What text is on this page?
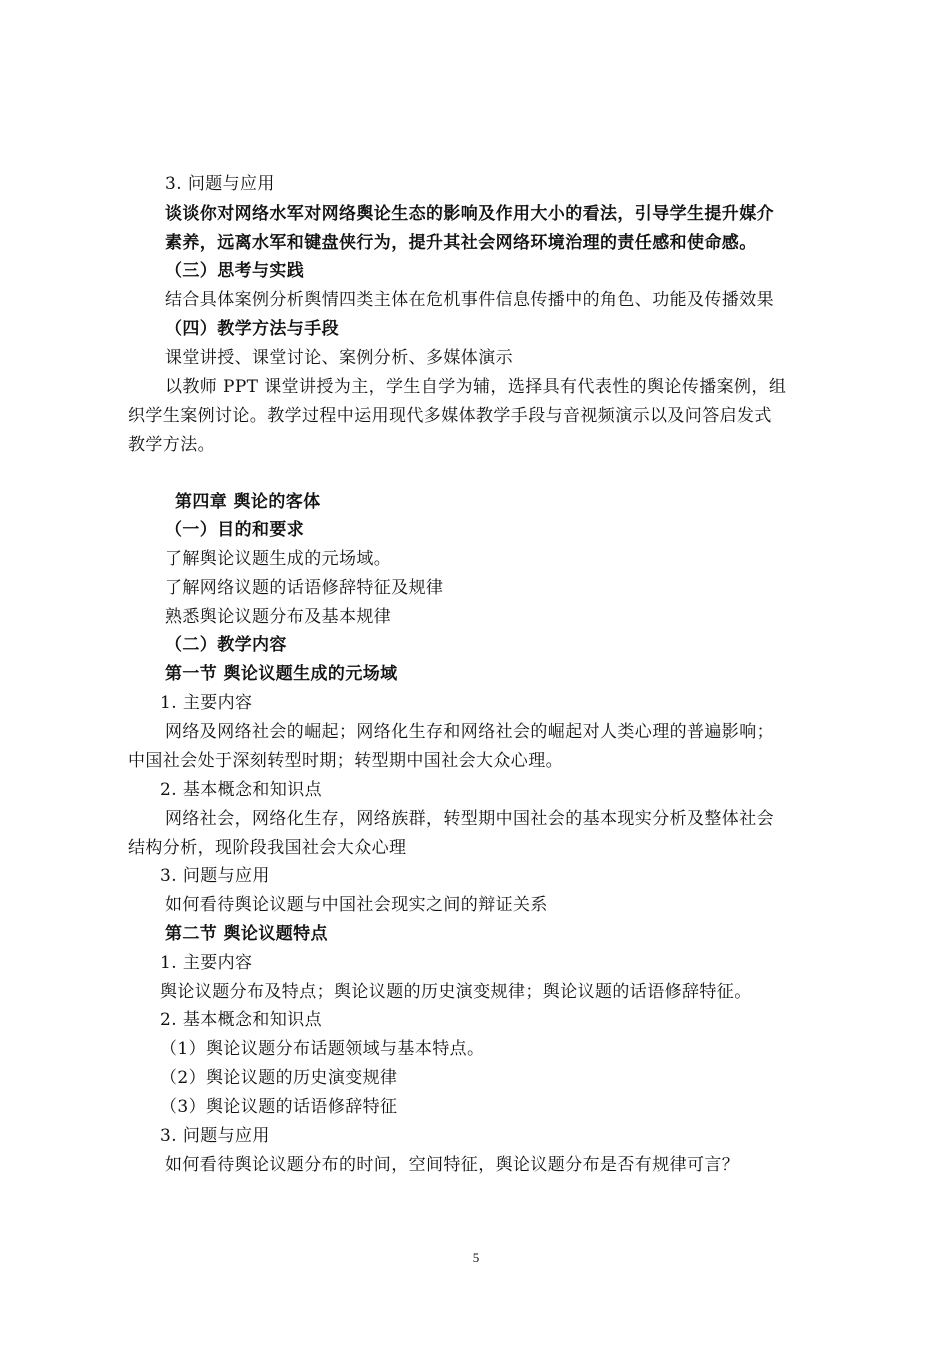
3. 问题与应用
谈谈你对网络水军对网络舆论生态的影响及作用大小的看法，引导学生提升媒介
素养，远离水军和键盘侠行为，提升其社会网络环境治理的责任感和使命感。
（三）思考与实践
结合具体案例分析舆情四类主体在危机事件信息传播中的角色、功能及传播效果
（四）教学方法与手段
课堂讲授、课堂讨论、案例分析、多媒体演示
以教师 PPT 课堂讲授为主，学生自学为辅，选择具有代表性的舆论传播案例，组
织学生案例讨论。教学过程中运用现代多媒体教学手段与音视频演示以及问答启发式
教学方法。
第四章 舆论的客体
（一）目的和要求
了解舆论议题生成的元场域。
了解网络议题的话语修辞特征及规律
熟悉舆论议题分布及基本规律
（二）教学内容
第一节 舆论议题生成的元场域
1. 主要内容
网络及网络社会的崛起；网络化生存和网络社会的崛起对人类心理的普遍影响；
中国社会处于深刻转型时期；转型期中国社会大众心理。
2. 基本概念和知识点
网络社会，网络化生存，网络族群，转型期中国社会的基本现实分析及整体社会
结构分析，现阶段我国社会大众心理
3. 问题与应用
如何看待舆论议题与中国社会现实之间的辩证关系
第二节 舆论议题特点
1. 主要内容
舆论议题分布及特点；舆论议题的历史演变规律；舆论议题的话语修辞特征。
2. 基本概念和知识点
（1）舆论议题分布话题领域与基本特点。
（2）舆论议题的历史演变规律
（3）舆论议题的话语修辞特征
3. 问题与应用
如何看待舆论议题分布的时间，空间特征，舆论议题分布是否有规律可言？
5
